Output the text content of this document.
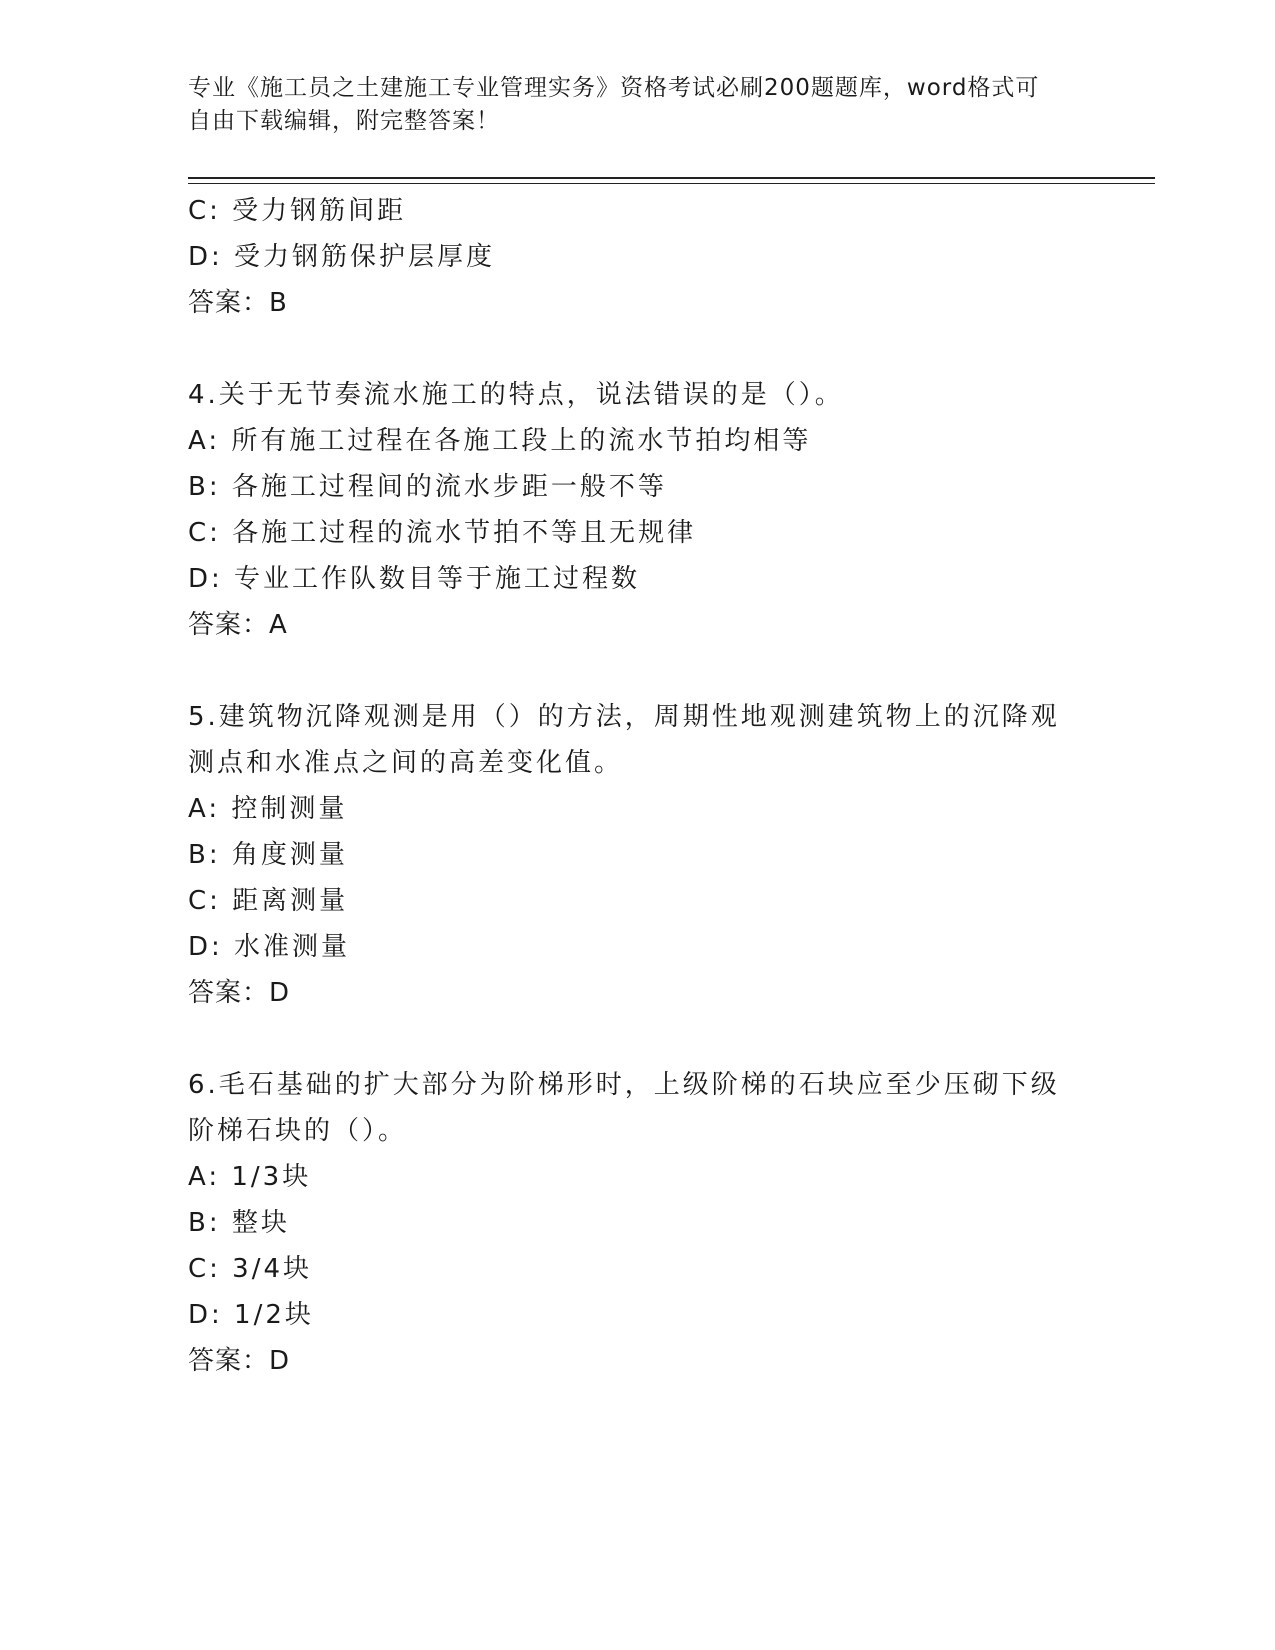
专业《施工员之土建施工专业管理实务》资格考试必刷200题题库，word格式可
自由下载编辑，附完整答案！
C: 受力钢筋间距
D: 受力钢筋保护层厚度
答案：B
4.关于无节奏流水施工的特点，说法错误的是（）。
A: 所有施工过程在各施工段上的流水节拍均相等
B: 各施工过程间的流水步距一般不等
C: 各施工过程的流水节拍不等且无规律
D: 专业工作队数目等于施工过程数
答案：A
5.建筑物沉降观测是用（）的方法，周期性地观测建筑物上的沉降观
测点和水准点之间的高差变化值。
A: 控制测量
B: 角度测量
C: 距离测量
D: 水准测量
答案：D
6.毛石基础的扩大部分为阶梯形时，上级阶梯的石块应至少压砌下级
阶梯石块的（）。
A: 1/3块
B: 整块
C: 3/4块
D: 1/2块
答案：D
